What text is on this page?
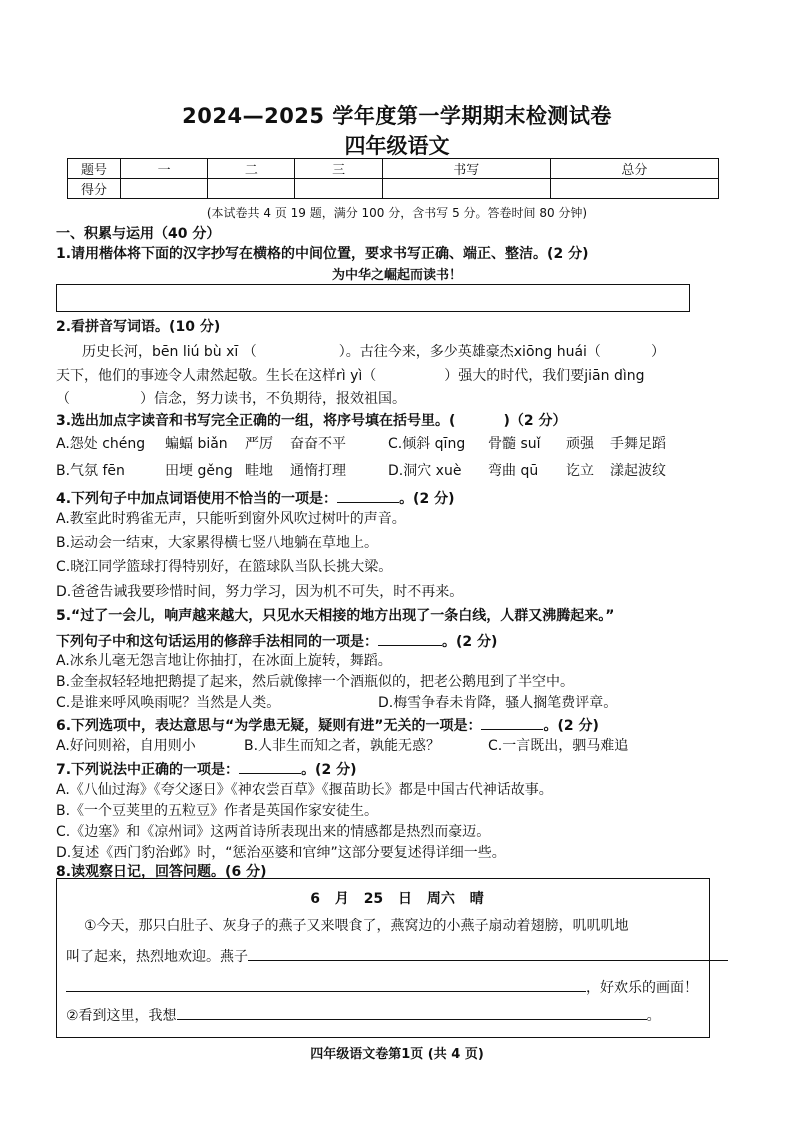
2024—2025 学年度第一学期期末检测试卷
四年级语文
题号	一	二	三	书写	总分
得分					
(本试卷共 4 页 19 题，满分 100 分，含书写 5 分。答卷时间 80 分钟)
一、积累与运用（40 分）
1.请用楷体将下面的汉字抄写在横格的中间位置，要求书写正确、端正、整洁。(2 分)
为中华之崛起而读书！
2.看拼音写词语。(10 分)
历史长河，bēn liú bù xī （	）。古往今来，多少英雄豪杰xiōng huái（	）
天下，他们的事迹令人肃然起敬。生长在这样rì yì（	）强大的时代，我们要jiān dìng
（	）信念，努力读书，不负期待，报效祖国。
3.选出加点字读音和书写完全正确的一组，将序号填在括号里。(	)（2 分）
A.怨处 chéng 蝙蝠 biǎn 严厉 奋奋不平	C.倾斜 qīng 骨髓 suǐ 顽强 手舞足蹈
B.气氛 fēn	田埂 gěng 畦地 通惰打理	D.洞穴 xuè 弯曲 qū 讫立 漾起波纹
4.下列句子中加点词语使用不恰当的一项是：	。(2 分)
A.教室此时鸦雀无声，只能听到窗外风吹过树叶的声音。
B.运动会一结束，大家累得横七竖八地躺在草地上。
C.晓江同学篮球打得特别好，在篮球队当队长挑大梁。
D.爸爸告诫我要珍惜时间，努力学习，因为机不可失，时不再来。
5.“过了一会儿，响声越来越大，只见水天相接的地方出现了一条白线，人群又沸腾起来。”
下列句子中和这句话运用的修辞手法相同的一项是：	。(2 分)
A.冰糸儿毫无怨言地让你抽打，在冰面上旋转，舞蹈。
B.金奎叔轻轻地把鹅提了起来，然后就像摔一个酒瓶似的，把老公鹅甩到了半空中。
C.是谁来呼风唤雨呢？当然是人类。	D.梅雪争春未肯降，骚人搁笔费评章。
6.下列选项中，表达意思与“为学患无疑，疑则有进”无关的一项是：	。(2 分)
A.好问则裕，自用则小	B.人非生而知之者，孰能无惑？	C.一言既出，驷马难追
7.下列说法中正确的一项是：	。(2 分)
A.《八仙过海》《夸父逐日》《神农尝百草》《揠苗助长》都是中国古代神话故事。
B.《一个豆荚里的五粒豆》作者是英国作家安徒生。
C.《边塞》和《凉州词》这两首诗所表现出来的情感都是热烈而豪迈。
D.复述《西门豹治邺》时，“惩治巫婆和官绅”这部分要复述得详细一些。
8.读观察日记，回答问题。(6 分)
6 月 25 日 周六 晴
①今天，那只白肚子、灰身子的燕子又来喂食了，燕窝边的小燕子扇动着翅膀，叽叽叽地
叫了起来，热烈地欢迎。燕子
，好欢乐的画面！
②看到这里，我想	。
四年级语文卷第1页 (共 4 页)
